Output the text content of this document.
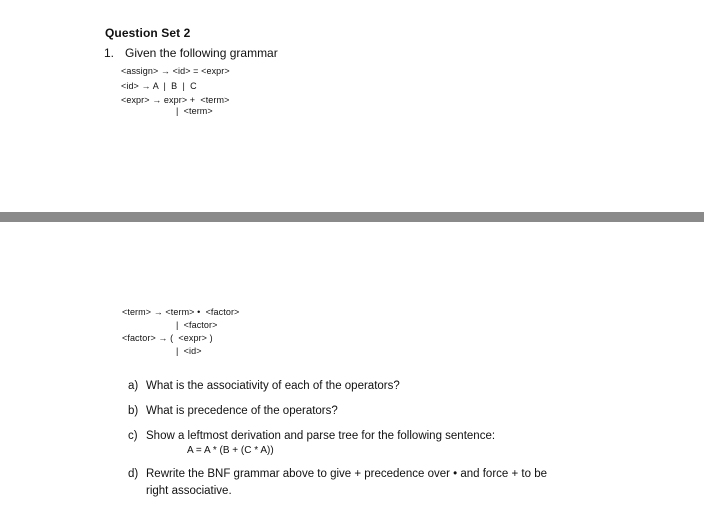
Question Set 2
1. Given the following grammar
<assign> → <id> = <expr>
<id> → A  |  B  |  C
<expr> → expr> +  <term>
|  <term>
<term> → <term> •  <factor>
|  <factor>
<factor> → (  <expr> )
|  <id>
a) What is the associativity of each of the operators?
b) What is precedence of the operators?
c) Show a leftmost derivation and parse tree for the following sentence:
A = A * (B + (C * A))
d) Rewrite the BNF grammar above to give + precedence over • and force + to be
right associative.
